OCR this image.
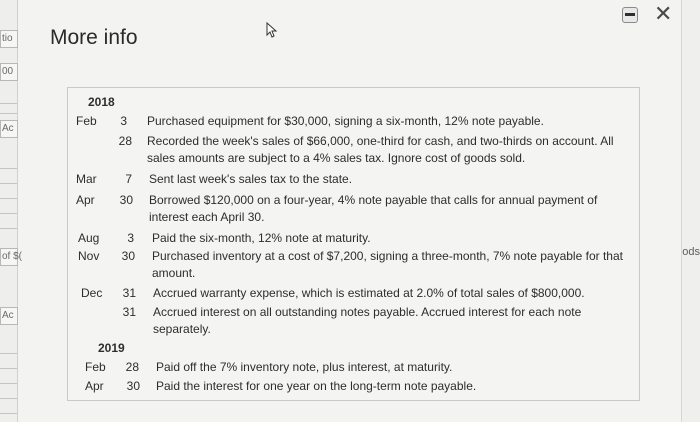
tio
00
Ac
of $(
Ac
ods
More info
✕
2018
Feb	3 Purchased equipment for $30,000, signing a six-month, 12% note payable.
28 Recorded the week's sales of $66,000, one-third for cash, and two-thirds on account. All sales amounts are subject to a 4% sales tax. Ignore cost of goods sold.
Mar	7 Sent last week's sales tax to the state.
Apr	30 Borrowed $120,000 on a four-year, 4% note payable that calls for annual payment of interest each April 30.
Aug	3 Paid the six-month, 12% note at maturity.
Nov	30 Purchased inventory at a cost of $7,200, signing a three-month, 7% note payable for that amount.
Dec	31 Accrued warranty expense, which is estimated at 2.0% of total sales of $800,000.
31 Accrued interest on all outstanding notes payable. Accrued interest for each note separately.
2019
Feb	28 Paid off the 7% inventory note, plus interest, at maturity.
Apr	30 Paid the interest for one year on the long-term note payable.
